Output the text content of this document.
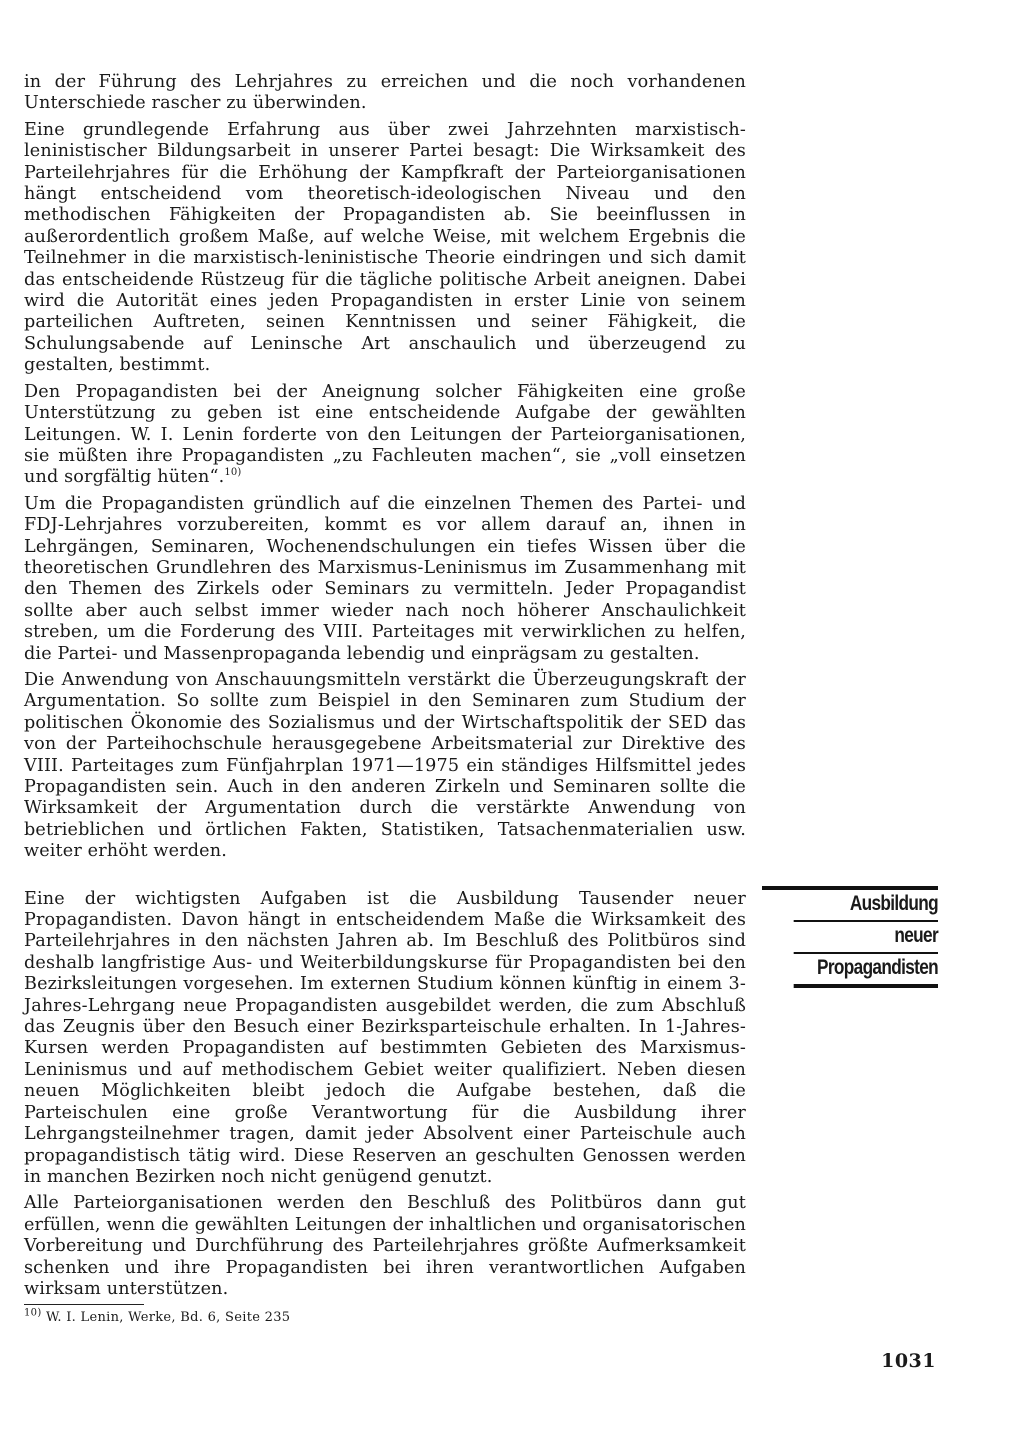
in der Führung des Lehrjahres zu erreichen und die noch vorhandenen Unterschiede rascher zu überwinden.

Eine grundlegende Erfahrung aus über zwei Jahrzehnten marxistisch-leninistischer Bildungsarbeit in unserer Partei besagt: Die Wirksamkeit des Parteilehrjahres für die Erhöhung der Kampfkraft der Parteiorganisationen hängt entscheidend vom theoretisch-ideologischen Niveau und den methodischen Fähigkeiten der Propagandisten ab. Sie beeinflussen in außerordentlich großem Maße, auf welche Weise, mit welchem Ergebnis die Teilnehmer in die marxistisch-leninistische Theorie eindringen und sich damit das entscheidende Rüstzeug für die tägliche politische Arbeit aneignen. Dabei wird die Autorität eines jeden Propagandisten in erster Linie von seinem parteilichen Auftreten, seinen Kenntnissen und seiner Fähigkeit, die Schulungsabende auf Leninsche Art anschaulich und überzeugend zu gestalten, bestimmt.

Den Propagandisten bei der Aneignung solcher Fähigkeiten eine große Unterstützung zu geben ist eine entscheidende Aufgabe der gewählten Leitungen. W. I. Lenin forderte von den Leitungen der Parteiorganisationen, sie müßten ihre Propagandisten „zu Fachleuten machen“, sie „voll einsetzen und sorgfältig hüten“.$^{10)}$

Um die Propagandisten gründlich auf die einzelnen Themen des Partei- und FDJ-Lehrjahres vorzubereiten, kommt es vor allem darauf an, ihnen in Lehrgängen, Seminaren, Wochenendschulungen ein tiefes Wissen über die theoretischen Grundlehren des Marxismus-Leninismus im Zusammenhang mit den Themen des Zirkels oder Seminars zu vermitteln. Jeder Propagandist sollte aber auch selbst immer wieder nach noch höherer Anschaulichkeit streben, um die Forderung des VIII. Parteitages mit verwirklichen zu helfen, die Partei- und Massenpropaganda lebendig und einprägsam zu gestalten.

Die Anwendung von Anschauungsmitteln verstärkt die Überzeugungskraft der Argumentation. So sollte zum Beispiel in den Seminaren zum Studium der politischen Ökonomie des Sozialismus und der Wirtschaftspolitik der SED das von der Parteihochschule herausgegebene Arbeitsmaterial zur Direktive des VIII. Parteitages zum Fünfjahrplan 1971—1975 ein ständiges Hilfsmittel jedes Propagandisten sein. Auch in den anderen Zirkeln und Seminaren sollte die Wirksamkeit der Argumentation durch die verstärkte Anwendung von betrieblichen und örtlichen Fakten, Statistiken, Tatsachenmaterialien usw. weiter erhöht werden.

Eine der wichtigsten Aufgaben ist die Ausbildung Tausender neuer Propagandisten. Davon hängt in entscheidendem Maße die Wirksamkeit des Parteilehrjahres in den nächsten Jahren ab. Im Beschluß des Politbüros sind deshalb langfristige Aus- und Weiterbildungskurse für Propagandisten bei den Bezirksleitungen vorgesehen. Im externen Studium können künftig in einem 3-Jahres-Lehrgang neue Propagandisten ausgebildet werden, die zum Abschluß das Zeugnis über den Besuch einer Bezirksparteischule erhalten. In 1-Jahres-Kursen werden Propagandisten auf bestimmten Gebieten des Marxismus-Leninismus und auf methodischem Gebiet weiter qualifiziert. Neben diesen neuen Möglichkeiten bleibt jedoch die Aufgabe bestehen, daß die Parteischulen eine große Verantwortung für die Ausbildung ihrer Lehrgangsteilnehmer tragen, damit jeder Absolvent einer Parteischule auch propagandistisch tätig wird. Diese Reserven an geschulten Genossen werden in manchen Bezirken noch nicht genügend genutzt.

Alle Parteiorganisationen werden den Beschluß des Politbüros dann gut erfüllen, wenn die gewählten Leitungen der inhaltlichen und organisatorischen Vorbereitung und Durchführung des Parteilehrjahres größte Aufmerksamkeit schenken und ihre Propagandisten bei ihren verantwortlichen Aufgaben wirksam unterstützen.

$^{10)}$ W. I. Lenin, Werke, Bd. 6, Seite 235
Ausbildung
neuer
Propagandisten
1031
